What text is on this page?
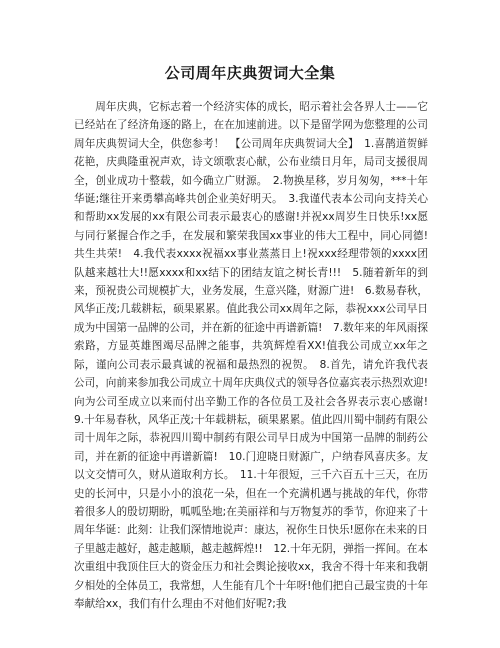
公司周年庆典贺词大全集

周年庆典，它标志着一个经济实体的成长，昭示着社会各界人士——它已经站在了经济角逐的路上，在在加速前进。以下是留学网为您整理的公司周年庆典贺词大全，供您参考！　【公司周年庆典贺词大全】　1.喜鹊道贺鲜花艳，庆典隆重祝声欢，诗文颂歌衷心献，公布业绩日月年，局司支援很周全，创业成功十整载，如今确立广财源。　2.物换星移，岁月匆匆，***十年华诞;继往开来勇攀高峰共创企业美好明天。　3.我谨代表本公司向支持关心和帮助xx发展的xx有限公司表示最衷心的感谢!并祝xx周岁生日快乐!xx愿与同行紧握合作之手，在发展和繁荣我国xx事业的伟大工程中，同心同德!共生共荣!　4.我代表xxxx祝福xx事业蒸蒸日上!祝xxx经理带领的xxxx团队越来越壮大!!愿xxxx和xx结下的团结友谊之树长青!!!　5.随着新年的到来，预祝贵公司规模扩大，业务发展，生意兴隆，财源广进!　6.数易春秋，风华正茂;几载耕耘，硕果累累。值此我公司xx周年之际，恭祝xxx公司早日成为中国第一品牌的公司，并在新的征途中再谱新篇!　7.数年来的年风雨探索路，方显英雄图竭尽品牌之能事，共筑辉煌看XX!值我公司成立xx年之际，谨向公司表示最真诚的祝福和最热烈的祝贺。　8.首先，请允许我代表公司，向前来参加我公司成立十周年庆典仪式的领导各位嘉宾表示热烈欢迎!向为公司至成立以来而付出辛勤工作的各位员工及社会各界表示衷心感谢!　9.十年易春秋，风华正茂;十年载耕耘，硕果累累。值此四川蜀中制药有限公司十周年之际，恭祝四川蜀中制药有限公司早日成为中国第一品牌的制药公司，并在新的征途中再谱新篇!　10.门迎晓日财源广，户纳春风喜庆多。友以文交情可久，财从道取利方长。　11.十年很短，三千六百五十三天，在历史的长河中，只是小小的浪花一朵，但在一个充满机遇与挑战的年代，你带着很多人的殷切期盼，呱呱坠地;在美丽祥和与万物复苏的季节，你迎来了十周年华诞：此刻：让我们深情地说声：康达，祝你生日快乐!愿你在未来的日子里越走越好，越走越顺，越走越辉煌!!　12.十年无阴，弹指一挥间。在本次重组中我顶住巨大的资金压力和社会舆论接收xx，我舍不得十年来和我朝夕相处的全体员工，我常想，人生能有几个十年呀!他们把自己最宝贵的十年奉献给xx，我们有什么理由不对他们好呢?;我
